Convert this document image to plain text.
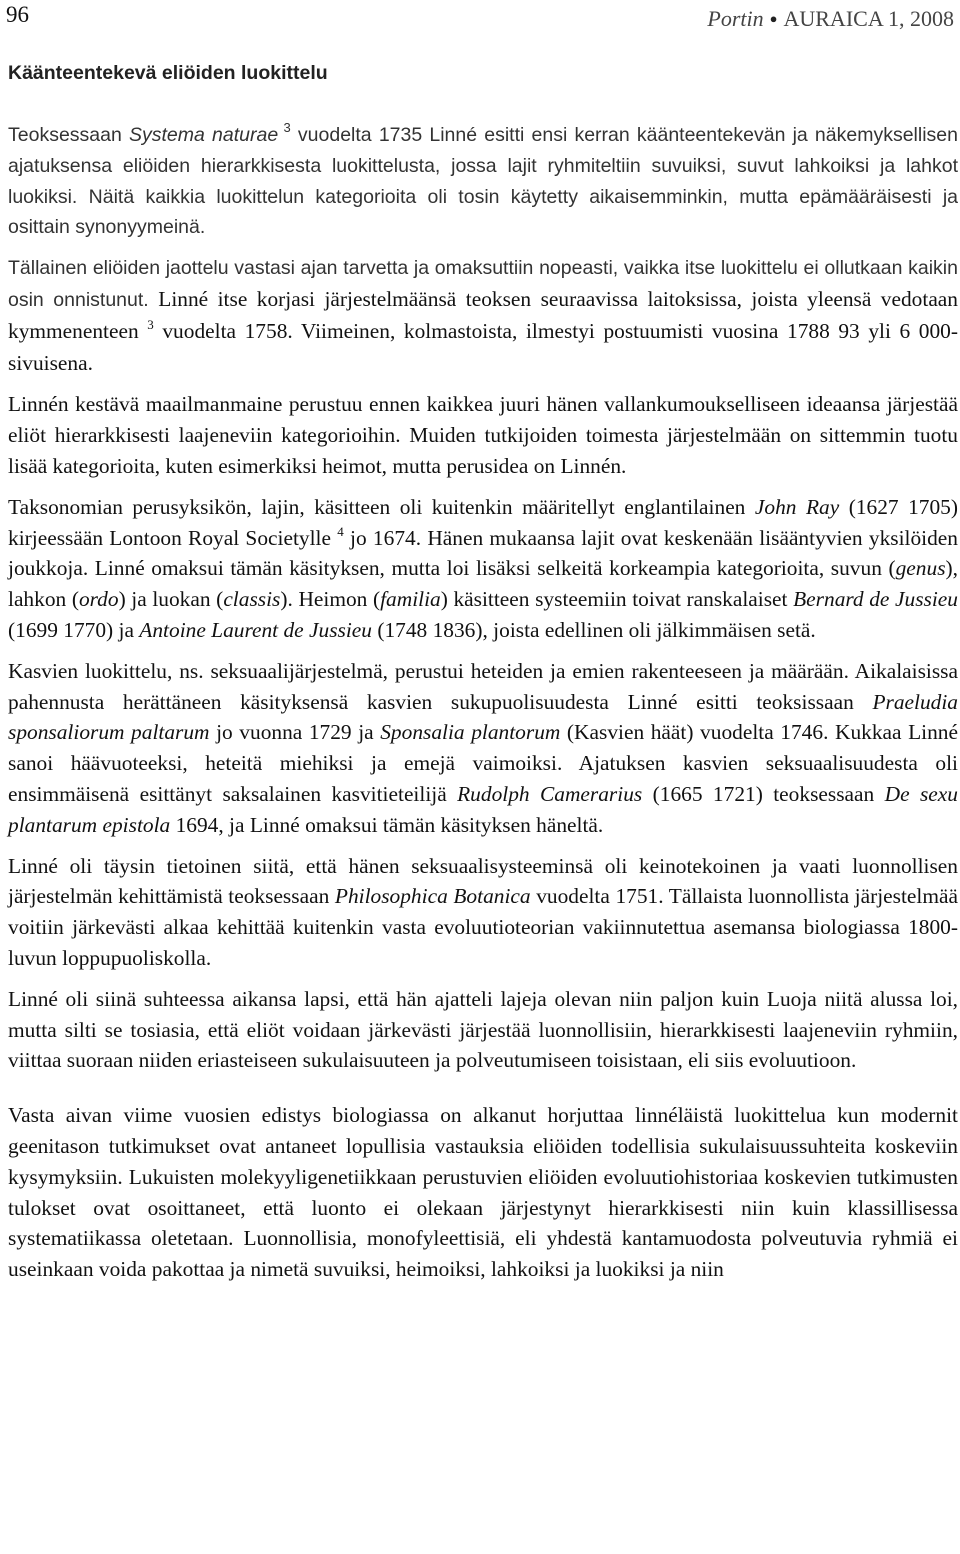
96	Portin ● AURAICA 1, 2008
Käänteentekevä eliöiden luokittelu

Teoksessaan Systema naturae $^3$ vuodelta 1735 Linné esitti ensi kerran käänteentekevän ja näkemyksellisen ajatuksensa eliöiden hierarkkisesta luokittelusta, jossa lajit ryhmiteltiin suvuiksi, suvut lahkoiksi ja lahkot luokiksi. Näitä kaikkia luokittelun kategorioita oli tosin käytetty aikaisemminkin, mutta epämääräisesti ja osittain synonyymeinä.

Tällainen eliöiden jaottelu vastasi ajan tarvetta ja omaksuttiin nopeasti, vaikka itse luokittelu ei ollutkaan kaikin osin onnistunut. Linné itse korjasi järjestelmäänsä teoksen seuraavissa laitoksissa, joista yleensä vedotaan kymmenenteen $^3$ vuodelta 1758. Viimeinen, kolmastoista, ilmestyi postuumisti vuosina 1788 93 yli 6 000-sivuisena.

Linnén kestävä maailmanmaine perustuu ennen kaikkea juuri hänen vallankumoukselliseen ideaansa järjestää eliöt hierarkkisesti laajeneviin kategorioihin. Muiden tutkijoiden toimesta järjestelmään on sittemmin tuotu lisää kategorioita, kuten esimerkiksi heimot, mutta perusidea on Linnén.

Taksonomian perusyksikön, lajin, käsitteen oli kuitenkin määritellyt englantilainen John Ray (1627 1705) kirjeessään Lontoon Royal Societylle $^4$ jo 1674. Hänen mukaansa lajit ovat keskenään lisääntyvien yksilöiden joukkoja. Linné omaksui tämän käsityksen, mutta loi lisäksi selkeitä korkeampia kategorioita, suvun (genus), lahkon (ordo) ja luokan (classis). Heimon (familia) käsitteen systeemiin toivat ranskalaiset Bernard de Jussieu (1699 1770) ja Antoine Laurent de Jussieu (1748 1836), joista edellinen oli jälkimmäisen setä.

Kasvien luokittelu, ns. seksuaalijärjestelmä, perustui heteiden ja emien rakenteeseen ja määrään. Aikalaisissa pahennusta herättäneen käsityksensä kasvien sukupuolisuudesta Linné esitti teoksissaan Praeludia sponsaliorum paltarum jo vuonna 1729 ja Sponsalia plantorum (Kasvien häät) vuodelta 1746. Kukkaa Linné sanoi häävuoteeksi, heteitä miehiksi ja emejä vaimoiksi. Ajatuksen kasvien seksuaalisuudesta oli ensimmäisenä esittänyt saksalainen kasvitieteilijä Rudolph Camerarius (1665 1721) teoksessaan De sexu plantarum epistola 1694, ja Linné omaksui tämän käsityksen häneltä.

Linné oli täysin tietoinen siitä, että hänen seksuaalisysteeminsä oli keinotekoinen ja vaati luonnollisen järjestelmän kehittämistä teoksessaan Philosophica Botanica vuodelta 1751. Tällaista luonnollista järjestelmää voitiin järkevästi alkaa kehittää kuitenkin vasta evoluutioteorian vakiinnutettua asemansa biologiassa 1800-luvun loppupuoliskolla.

Linné oli siinä suhteessa aikansa lapsi, että hän ajatteli lajeja olevan niin paljon kuin Luoja niitä alussa loi, mutta silti se tosiasia, että eliöt voidaan järkevästi järjestää luonnollisiin, hierarkkisesti laajeneviin ryhmiin, viittaa suoraan niiden eriasteiseen sukulaisuuteen ja polveutumiseen toisistaan, eli siis evoluutioon.

Vasta aivan viime vuosien edistys biologiassa on alkanut horjuttaa linnéläistä luokittelua kun modernit geenitason tutkimukset ovat antaneet lopullisia vastauksia eliöiden todellisia sukulaisuussuhteita koskeviin kysymyksiin. Lukuisten molekyyligenetiikkaan perustuvien eliöiden evoluutiohistoriaa koskevien tutkimusten tulokset ovat osoittaneet, että luonto ei olekaan järjestynyt hierarkkisesti niin kuin klassillisessa systematiikassa oletetaan. Luonnollisia, monofyleettisiä, eli yhdestä kantamuodosta polveutuvia ryhmiä ei useinkaan voida pakottaa ja nimetä suvuiksi, heimoiksi, lahkoiksi ja luokiksi ja niin
